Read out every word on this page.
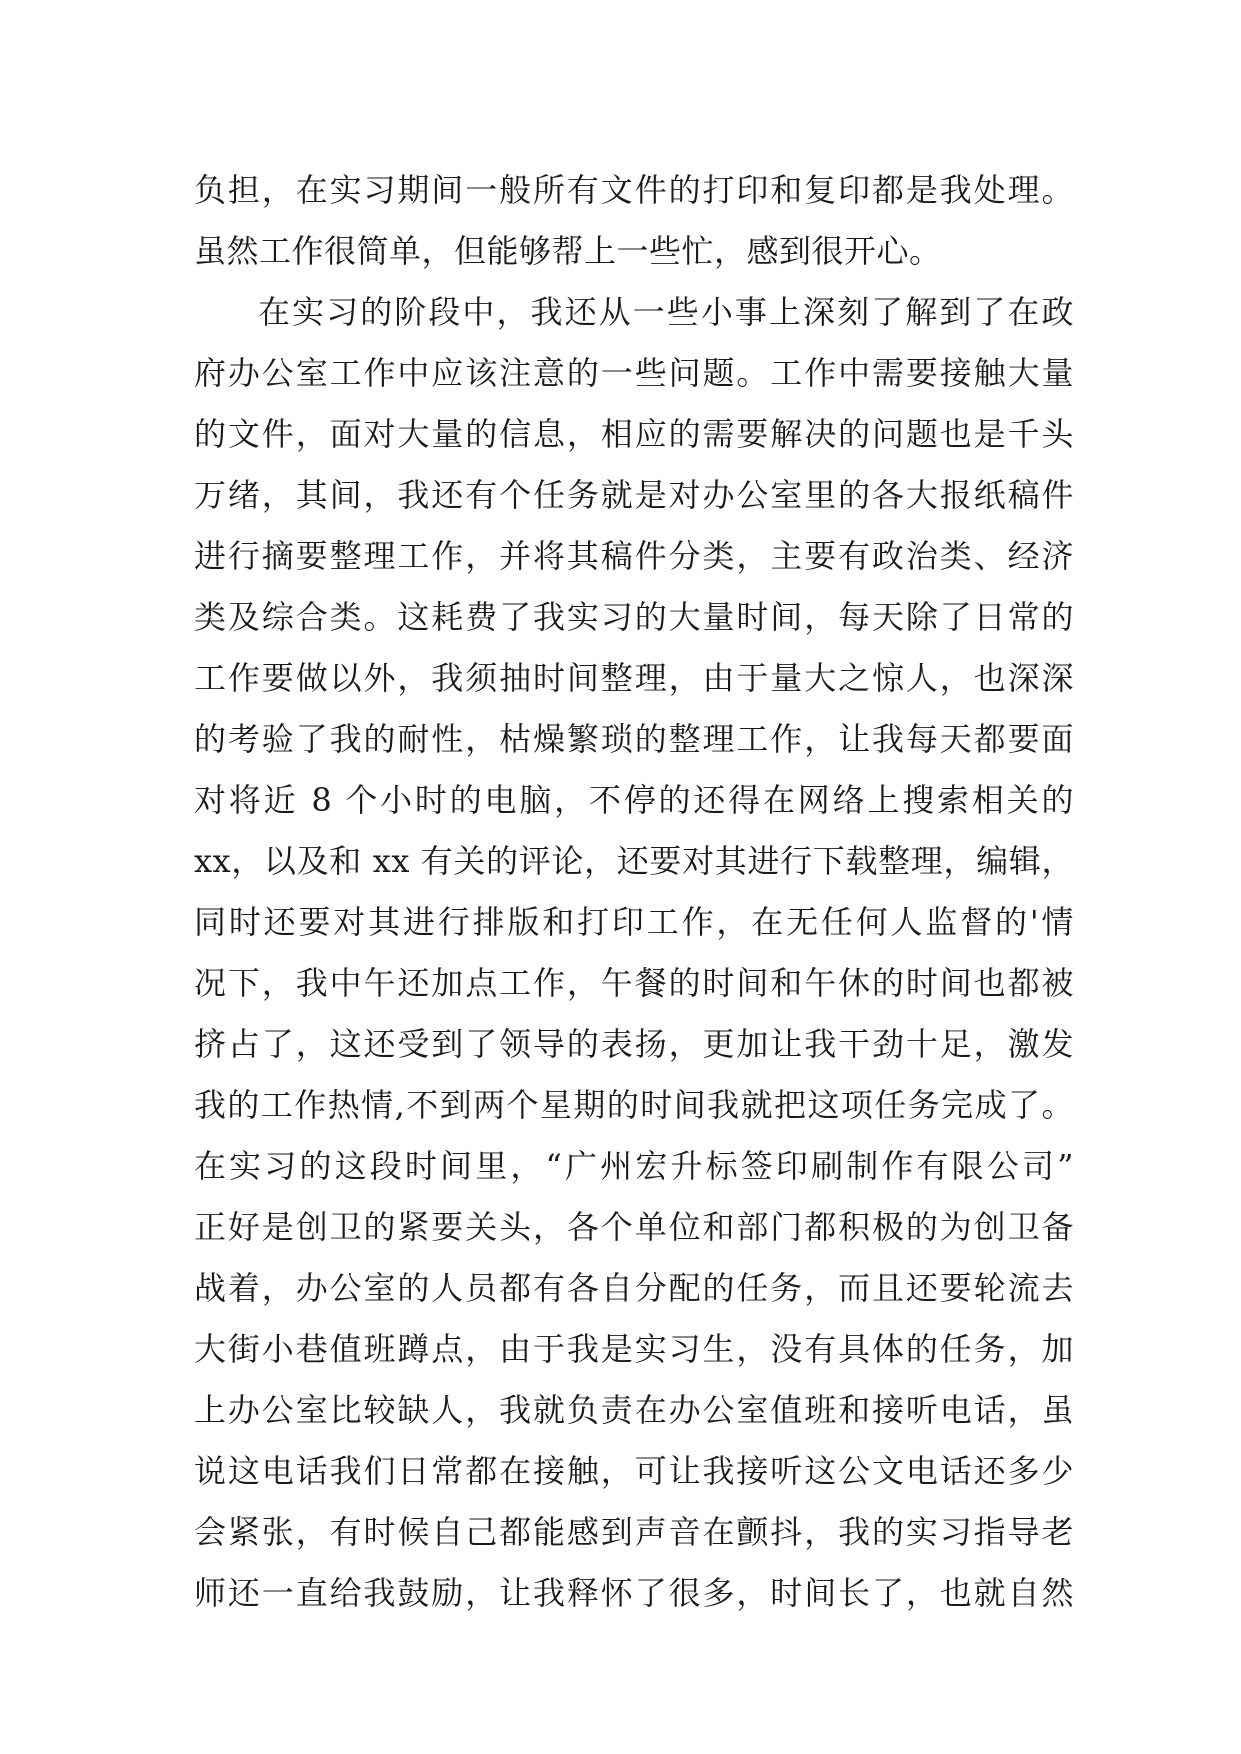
负担，在实习期间一般所有文件的打印和复印都是我处理。
虽然工作很简单，但能够帮上一些忙，感到很开心。
在实习的阶段中，我还从一些小事上深刻了解到了在政
府办公室工作中应该注意的一些问题。工作中需要接触大量
的文件，面对大量的信息，相应的需要解决的问题也是千头
万绪，其间，我还有个任务就是对办公室里的各大报纸稿件
进行摘要整理工作，并将其稿件分类，主要有政治类、经济
类及综合类。这耗费了我实习的大量时间，每天除了日常的
工作要做以外，我须抽时间整理，由于量大之惊人，也深深
的考验了我的耐性，枯燥繁琐的整理工作，让我每天都要面
对将近 8 个小时的电脑，不停的还得在网络上搜索相关的
xx，以及和 xx 有关的评论，还要对其进行下载整理，编辑，
同时还要对其进行排版和打印工作，在无任何人监督的'情
况下，我中午还加点工作，午餐的时间和午休的时间也都被
挤占了，这还受到了领导的表扬，更加让我干劲十足，激发
我的工作热情,不到两个星期的时间我就把这项任务完成了。
在实习的这段时间里，“广州宏升标签印刷制作有限公司”
正好是创卫的紧要关头，各个单位和部门都积极的为创卫备
战着，办公室的人员都有各自分配的任务，而且还要轮流去
大街小巷值班蹲点，由于我是实习生，没有具体的任务，加
上办公室比较缺人，我就负责在办公室值班和接听电话，虽
说这电话我们日常都在接触，可让我接听这公文电话还多少
会紧张，有时候自己都能感到声音在颤抖，我的实习指导老
师还一直给我鼓励，让我释怀了很多，时间长了，也就自然
